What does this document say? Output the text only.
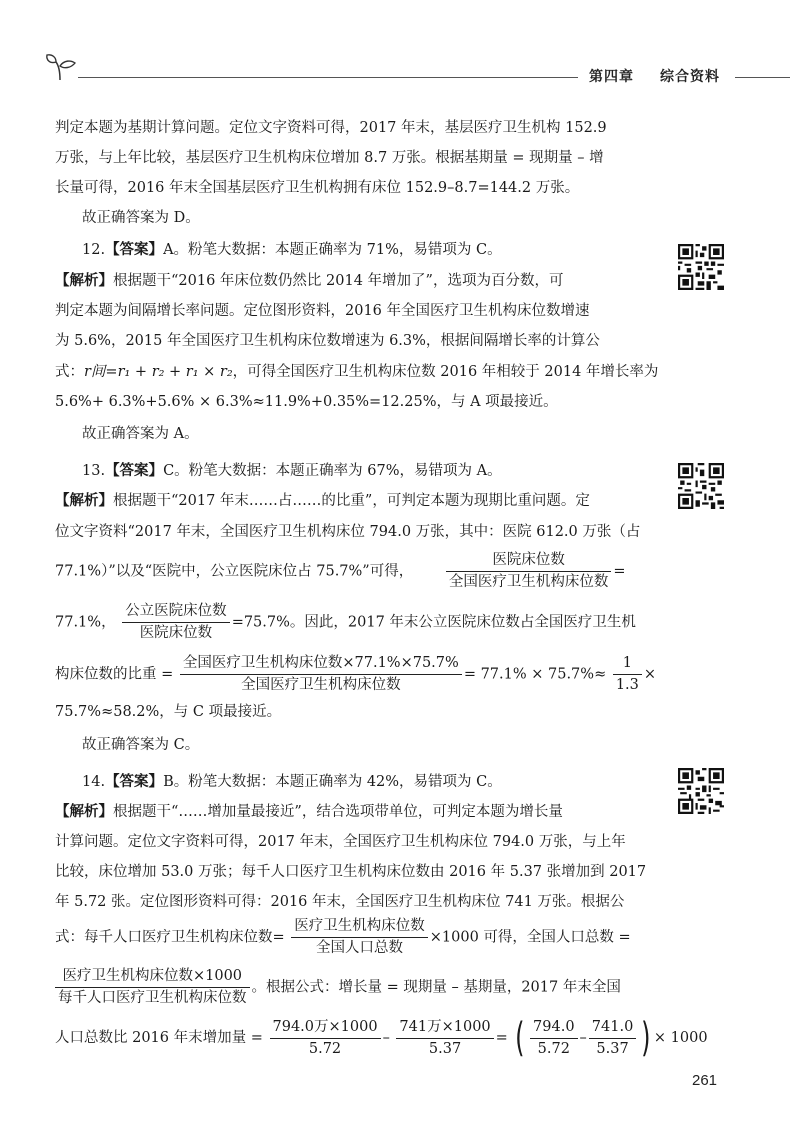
第四章 综合资料
判定本题为基期计算问题。定位文字资料可得，2017 年末，基层医疗卫生机构 152.9
万张，与上年比较，基层医疗卫生机构床位增加 8.7 万张。根据基期量 = 现期量 – 增
长量可得，2016 年末全国基层医疗卫生机构拥有床位 152.9–8.7=144.2 万张。
故正确答案为 D。
12.【答案】A。粉笔大数据：本题正确率为 71%，易错项为 C。
【解析】根据题干“2016 年床位数仍然比 2014 年增加了”，选项为百分数，可
判定本题为间隔增长率问题。定位图形资料，2016 年全国医疗卫生机构床位数增速
为 5.6%，2015 年全国医疗卫生机构床位数增速为 6.3%，根据间隔增长率的计算公
式：r间=r₁ + r₂ + r₁ × r₂，可得全国医疗卫生机构床位数 2016 年相较于 2014 年增长率为
5.6%+ 6.3%+5.6% × 6.3%≈11.9%+0.35%=12.25%，与 A 项最接近。
故正确答案为 A。
13.【答案】C。粉笔大数据：本题正确率为 67%，易错项为 A。
【解析】根据题干“2017 年末……占……的比重”，可判定本题为现期比重问题。定
位文字资料“2017 年末，全国医疗卫生机构床位 794.0 万张，其中：医院 612.0 万张（占
77.1%）”以及“医院中，公立医院床位占 75.7%”可得， $\frac{\text{医院床位数}}{\text{全国医疗卫生机构床位数}}$ =
77.1%， $\frac{\text{公立医院床位数}}{\text{医院床位数}} =75.7\%$。因此，2017 年末公立医院床位数占全国医疗卫生机
构床位数的比重 = $\frac{\text{全国医疗卫生机构床位数×77.1\%×75.7\%}}{\text{全国医疗卫生机构床位数}} = 77.1\% \times 75.7\%\approx \frac{1}{1.3}$ ×
75.7%≈58.2%，与 C 项最接近。
故正确答案为 C。
14.【答案】B。粉笔大数据：本题正确率为 42%，易错项为 C。
【解析】根据题干“……增加量最接近”，结合选项带单位，可判定本题为增长量
计算问题。定位文字资料可得，2017 年末，全国医疗卫生机构床位 794.0 万张，与上年
比较，床位增加 53.0 万张；每千人口医疗卫生机构床位数由 2016 年 5.37 张增加到 2017
年 5.72 张。定位图形资料可得：2016 年末，全国医疗卫生机构床位 741 万张。根据公
式：每千人口医疗卫生机构床位数= $\frac{\text{医疗卫生机构床位数}}{\text{全国人口总数}} \times 1000$ 可得，全国人口总数 =
$\frac{\text{医疗卫生机构床位数×1000}}{\text{每千人口医疗卫生机构床位数}}$ 。根据公式：增长量 = 现期量 – 基期量，2017 年末全国
人口总数比 2016 年末增加量 = $\frac{\text{794.0万×1000}}{5.72} - \frac{\text{741万×1000}}{5.37}$ = ( $\frac{794.0}{5.72} - \frac{741.0}{5.37}$ ) × 1000
261
